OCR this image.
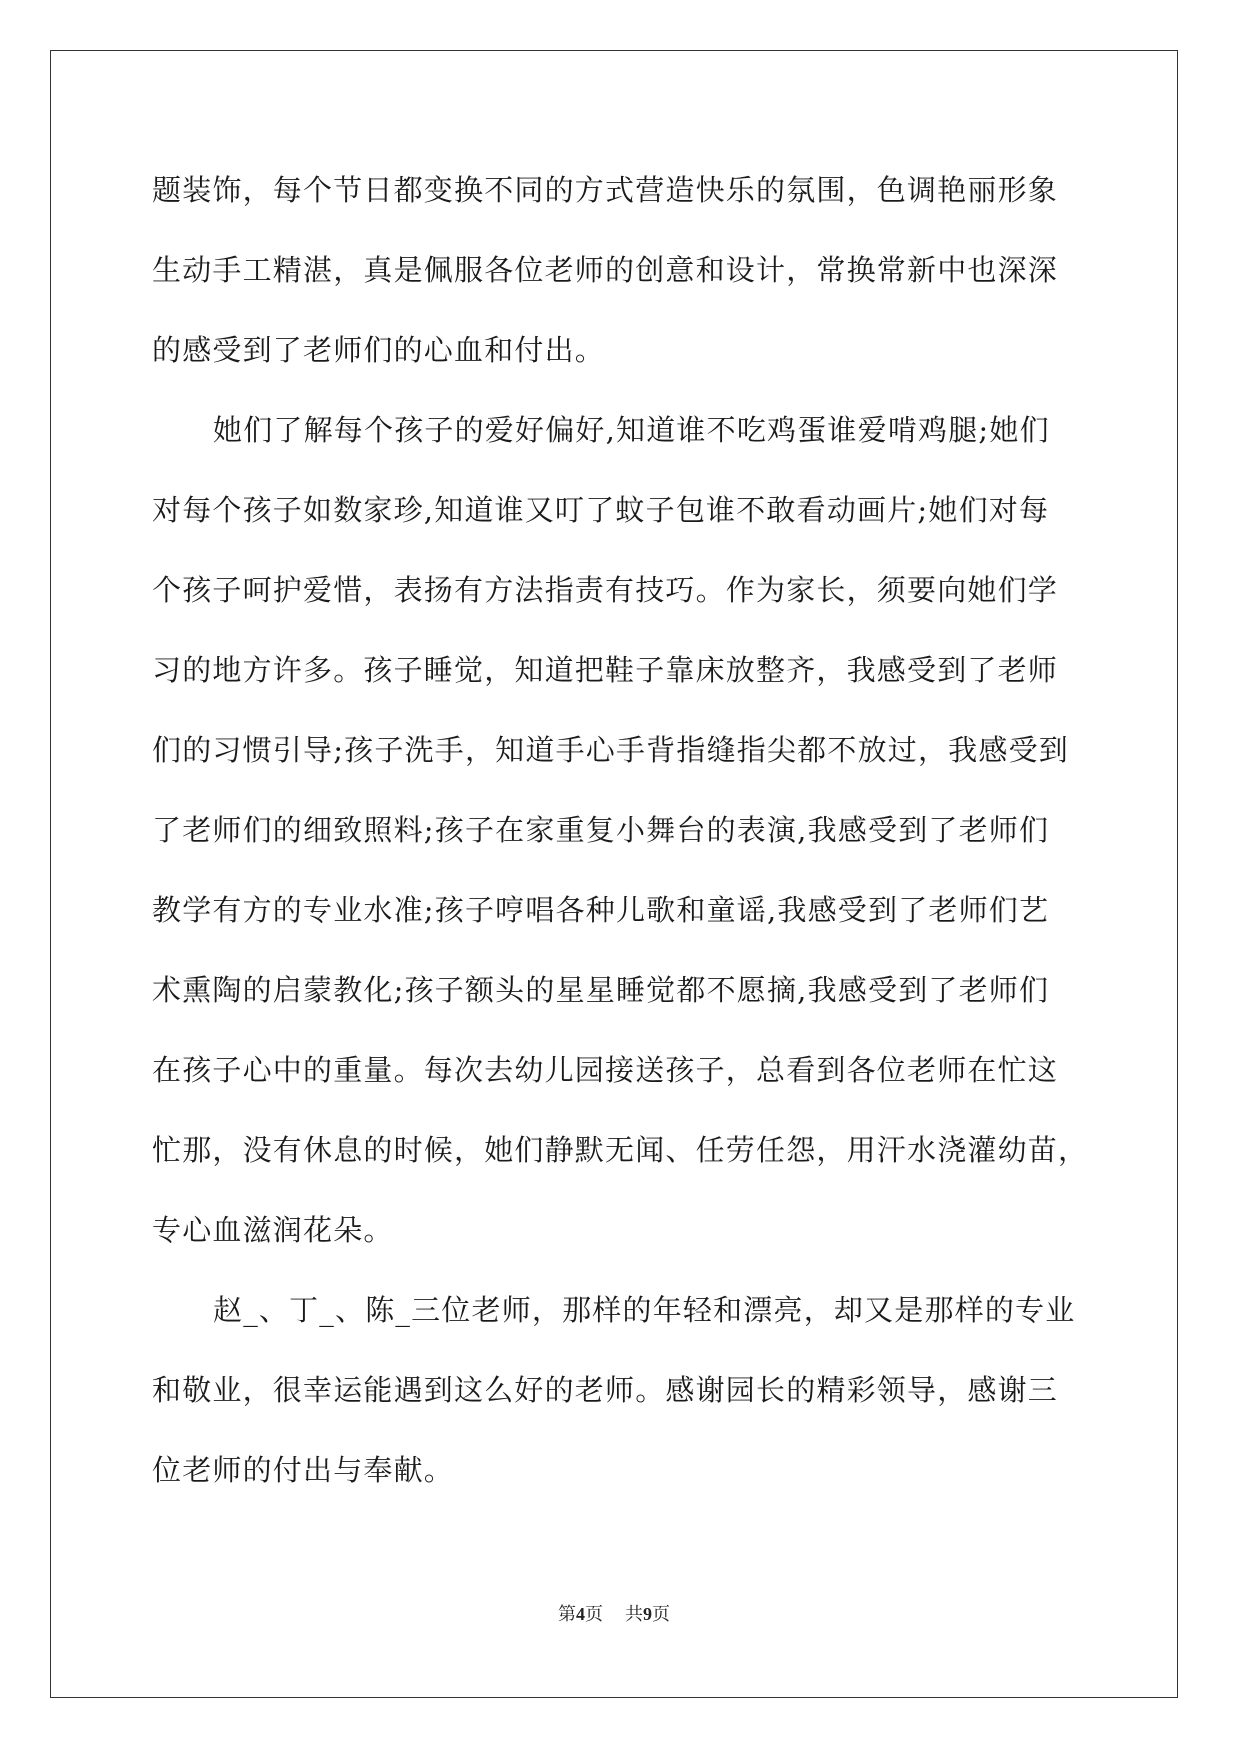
题装饰，每个节日都变换不同的方式营造快乐的氛围，色调艳丽形象
生动手工精湛，真是佩服各位老师的创意和设计，常换常新中也深深
的感受到了老师们的心血和付出。
她们了解每个孩子的爱好偏好,知道谁不吃鸡蛋谁爱啃鸡腿;她们
对每个孩子如数家珍,知道谁又叮了蚊子包谁不敢看动画片;她们对每
个孩子呵护爱惜，表扬有方法指责有技巧。作为家长，须要向她们学
习的地方许多。孩子睡觉，知道把鞋子靠床放整齐，我感受到了老师
们的习惯引导;孩子洗手，知道手心手背指缝指尖都不放过，我感受到
了老师们的细致照料;孩子在家重复小舞台的表演,我感受到了老师们
教学有方的专业水准;孩子哼唱各种儿歌和童谣,我感受到了老师们艺
术熏陶的启蒙教化;孩子额头的星星睡觉都不愿摘,我感受到了老师们
在孩子心中的重量。每次去幼儿园接送孩子，总看到各位老师在忙这
忙那，没有休息的时候，她们静默无闻、任劳任怨，用汗水浇灌幼苗，
专心血滋润花朵。
赵_、丁_、陈_三位老师，那样的年轻和漂亮，却又是那样的专业
和敬业，很幸运能遇到这么好的老师。感谢园长的精彩领导，感谢三
位老师的付出与奉献。
第4页 共9页
